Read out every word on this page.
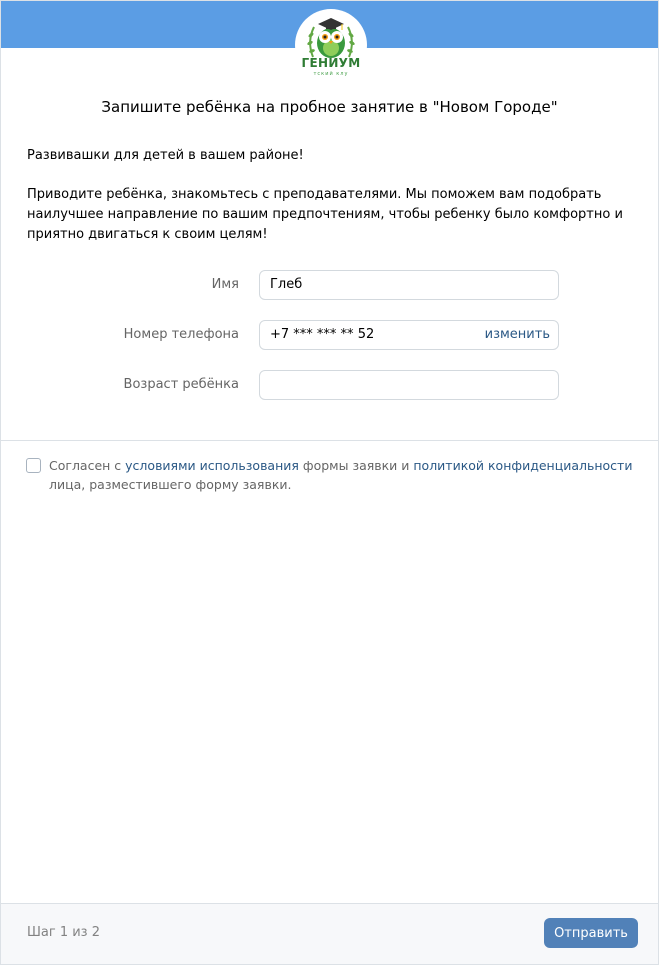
ГЕНИУМ
тский клу
Запишите ребёнка на пробное занятие в "Новом Городе"
Развивашки для детей в вашем районе!
Приводите ребёнка, знакомьтесь с преподавателями. Мы поможем вам подобрать наилучшее направление по вашим предпочтениям, чтобы ребенку было комфортно и приятно двигаться к своим целям!
Имя Глеб
Номер телефона +7 *** *** ** 52	изменить
Возраст ребёнка
Согласен с условиями использования формы заявки и политикой конфиденциальности лица, разместившего форму заявки.
Шаг 1 из 2	Отправить
